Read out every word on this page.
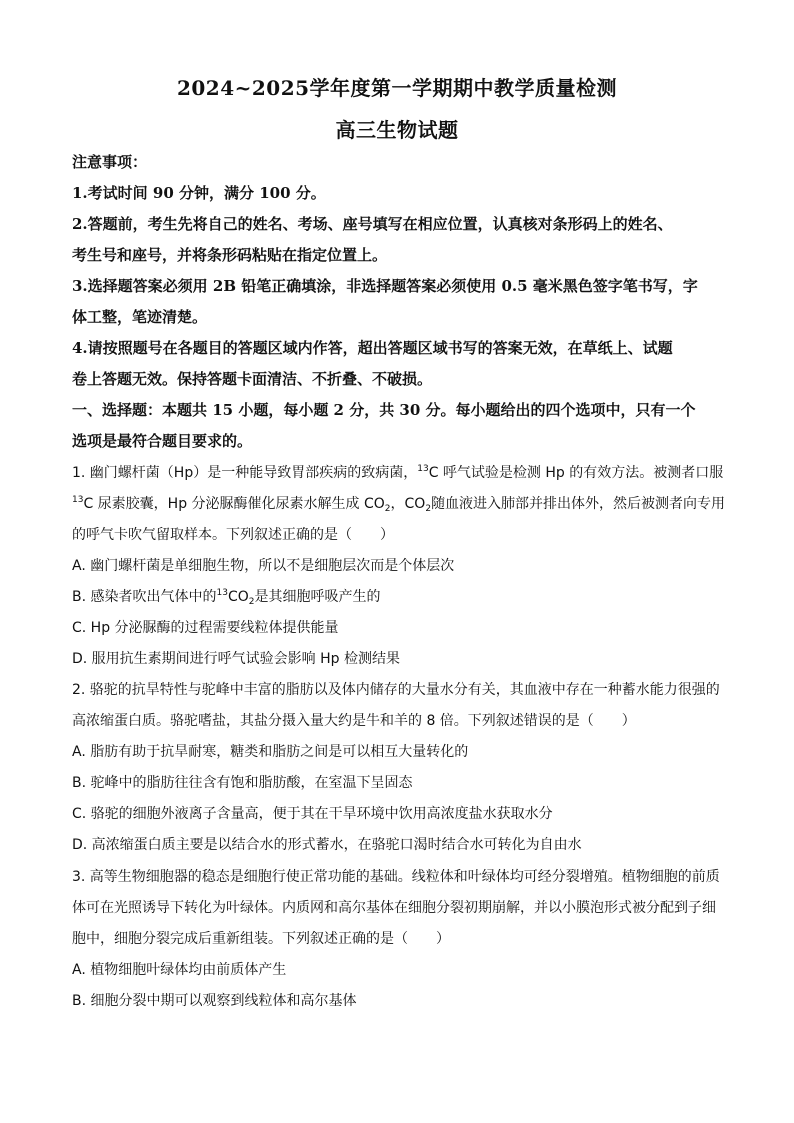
2024~2025学年度第一学期期中教学质量检测
高三生物试题
注意事项：
1.考试时间 90 分钟，满分 100 分。
2.答题前，考生先将自己的姓名、考场、座号填写在相应位置，认真核对条形码上的姓名、
考生号和座号，并将条形码粘贴在指定位置上。
3.选择题答案必须用 2B 铅笔正确填涂，非选择题答案必须使用 0.5 毫米黑色签字笔书写，字
体工整，笔迹清楚。
4.请按照题号在各题目的答题区域内作答，超出答题区域书写的答案无效，在草纸上、试题
卷上答题无效。保持答题卡面清洁、不折叠、不破损。
一、选择题：本题共 15 小题，每小题 2 分，共 30 分。每小题给出的四个选项中，只有一个
选项是最符合题目要求的。
1. 幽门螺杆菌（Hp）是一种能导致胃部疾病的致病菌，$^{13}$C 呼气试验是检测 Hp 的有效方法。被测者口服
$^{13}$C 尿素胶囊，Hp 分泌脲酶催化尿素水解生成 $CO_2$，$CO_2$随血液进入肺部并排出体外，然后被测者向专用
的呼气卡吹气留取样本。下列叙述正确的是（　　）
A. 幽门螺杆菌是单细胞生物，所以不是细胞层次而是个体层次
B. 感染者吹出气体中的$^{13}CO_2$是其细胞呼吸产生的
C. Hp 分泌脲酶的过程需要线粒体提供能量
D. 服用抗生素期间进行呼气试验会影响 Hp 检测结果
2. 骆驼的抗旱特性与驼峰中丰富的脂肪以及体内储存的大量水分有关，其血液中存在一种蓄水能力很强的
高浓缩蛋白质。骆驼嗜盐，其盐分摄入量大约是牛和羊的 8 倍。下列叙述错误的是（　　）
A. 脂肪有助于抗旱耐寒，糖类和脂肪之间是可以相互大量转化的
B. 驼峰中的脂肪往往含有饱和脂肪酸，在室温下呈固态
C. 骆驼的细胞外液离子含量高，便于其在干旱环境中饮用高浓度盐水获取水分
D. 高浓缩蛋白质主要是以结合水的形式蓄水，在骆驼口渴时结合水可转化为自由水
3. 高等生物细胞器的稳态是细胞行使正常功能的基础。线粒体和叶绿体均可经分裂增殖。植物细胞的前质
体可在光照诱导下转化为叶绿体。内质网和高尔基体在细胞分裂初期崩解，并以小膜泡形式被分配到子细
胞中，细胞分裂完成后重新组装。下列叙述正确的是（　　）
A. 植物细胞叶绿体均由前质体产生
B. 细胞分裂中期可以观察到线粒体和高尔基体
